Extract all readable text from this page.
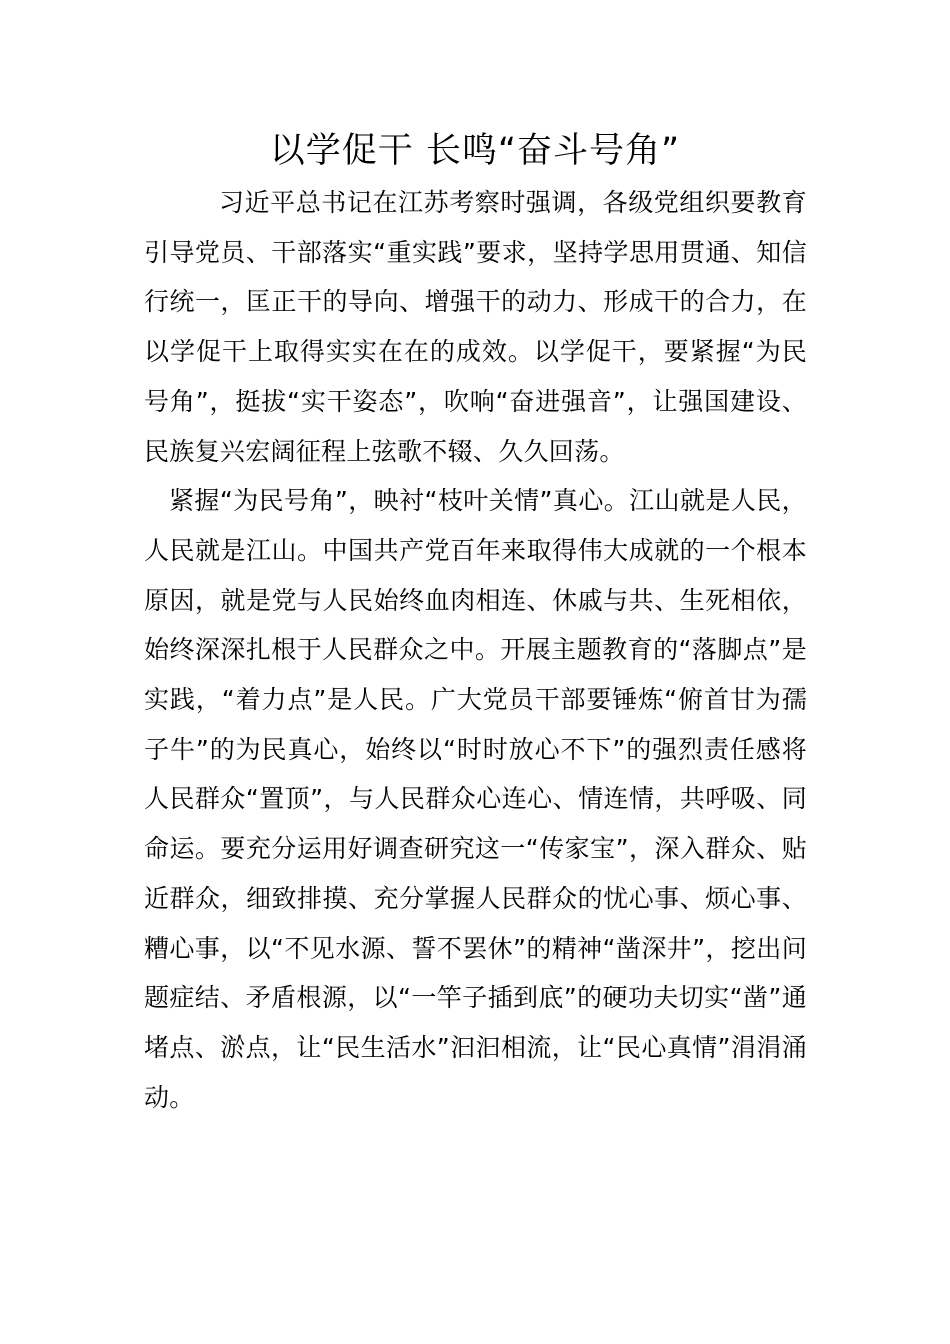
以学促干 长鸣“奋斗号角”

习近平总书记在江苏考察时强调，各级党组织要教育引导党员、干部落实“重实践”要求，坚持学思用贯通、知信行统一，匡正干的导向、增强干的动力、形成干的合力，在以学促干上取得实实在在的成效。以学促干，要紧握“为民号角”，挺拔“实干姿态”，吹响“奋进强音”，让强国建设、民族复兴宏阔征程上弦歌不辍、久久回荡。

紧握“为民号角”，映衬“枝叶关情”真心。江山就是人民，人民就是江山。中国共产党百年来取得伟大成就的一个根本原因，就是党与人民始终血肉相连、休戚与共、生死相依，始终深深扎根于人民群众之中。开展主题教育的“落脚点”是实践，“着力点”是人民。广大党员干部要锤炼“俯首甘为孺子牛”的为民真心，始终以“时时放心不下”的强烈责任感将人民群众“置顶”，与人民群众心连心、情连情，共呼吸、同命运。要充分运用好调查研究这一“传家宝”，深入群众、贴近群众，细致排摸、充分掌握人民群众的忧心事、烦心事、糟心事，以“不见水源、誓不罢休”的精神“凿深井”，挖出问题症结、矛盾根源，以“一竿子插到底”的硬功夫切实“凿”通堵点、淤点，让“民生活水”汩汩相流，让“民心真情”涓涓涌动。
